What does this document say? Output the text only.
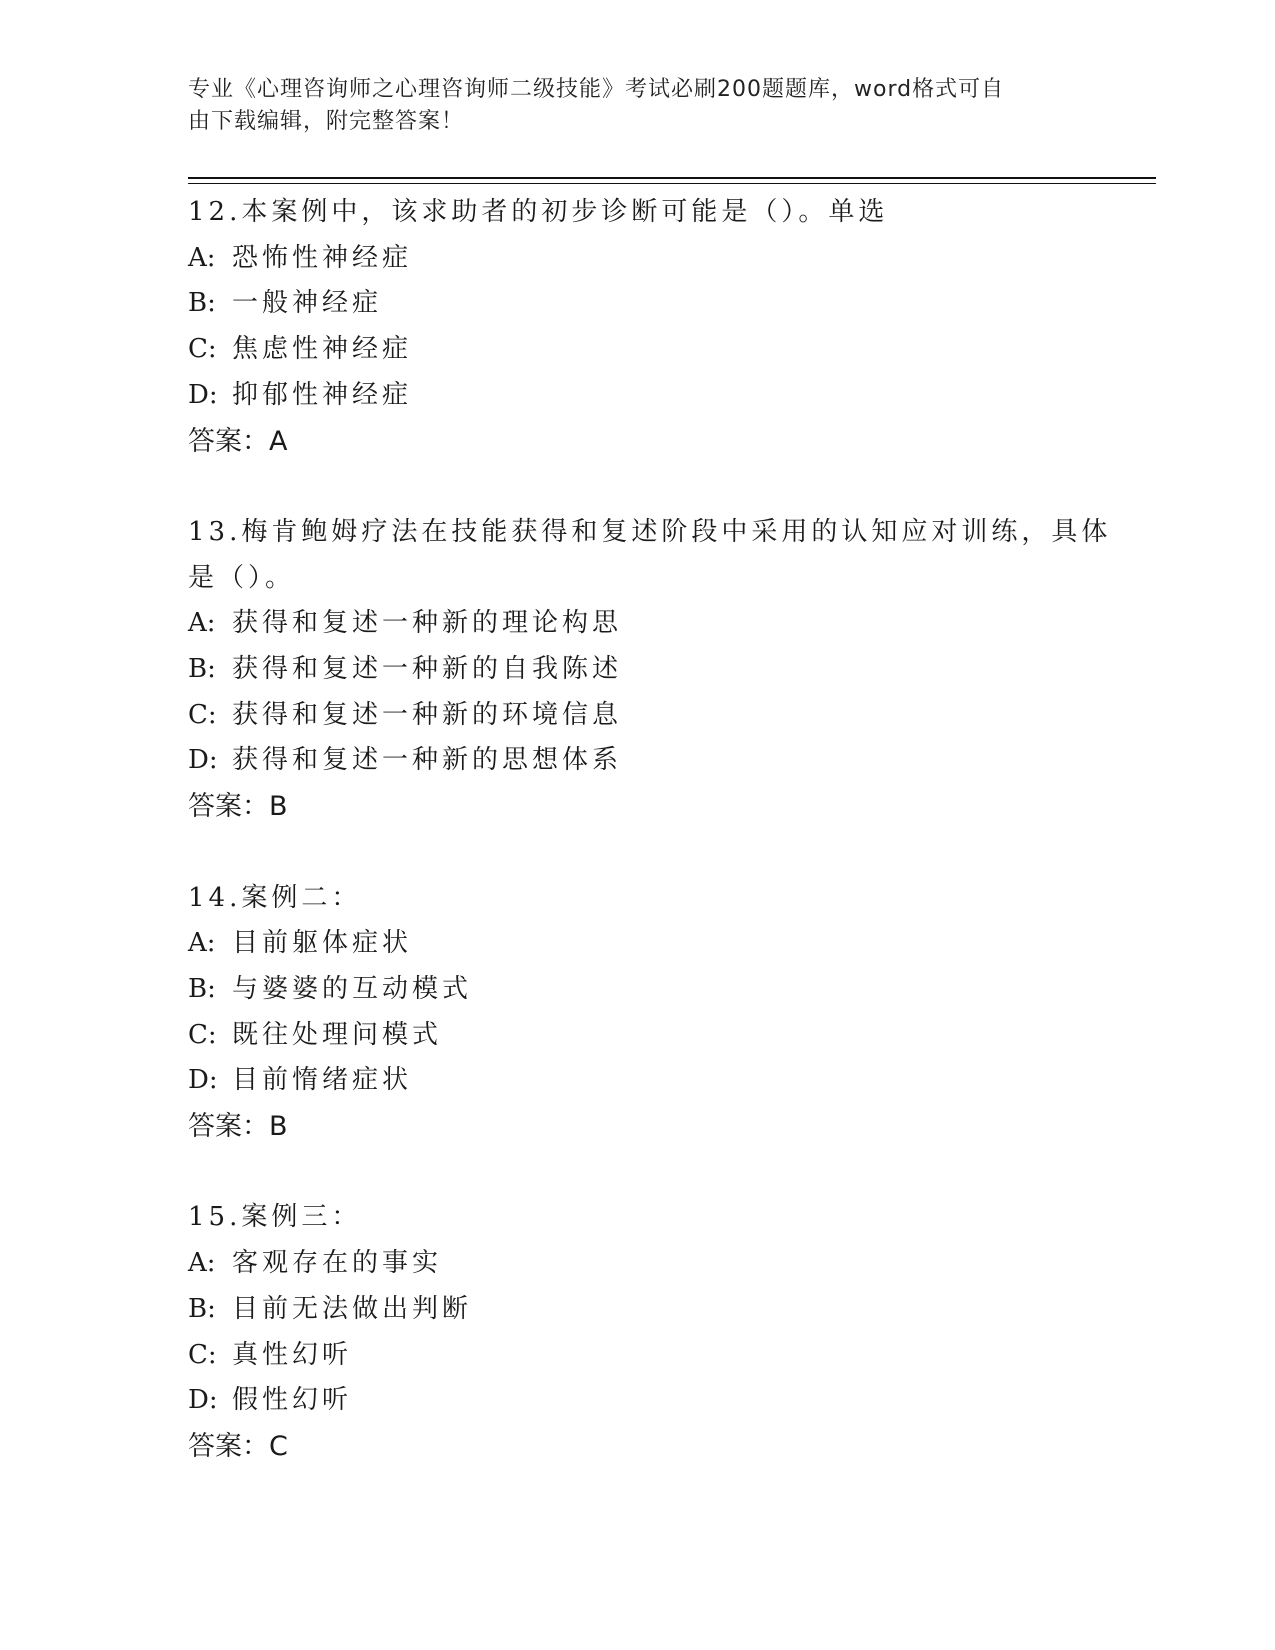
专业《心理咨询师之心理咨询师二级技能》考试必刷200题题库，word格式可自
由下载编辑，附完整答案！
12.本案例中，该求助者的初步诊断可能是（）。单选
A: 恐怖性神经症
B: 一般神经症
C: 焦虑性神经症
D: 抑郁性神经症
答案：A
13.梅肯鲍姆疗法在技能获得和复述阶段中采用的认知应对训练，具体
是（）。
A: 获得和复述一种新的理论构思
B: 获得和复述一种新的自我陈述
C: 获得和复述一种新的环境信息
D: 获得和复述一种新的思想体系
答案：B
14.案例二：
A: 目前躯体症状
B: 与婆婆的互动模式
C: 既往处理问模式
D: 目前惰绪症状
答案：B
15.案例三：
A: 客观存在的事实
B: 目前无法做出判断
C: 真性幻听
D: 假性幻听
答案：C
